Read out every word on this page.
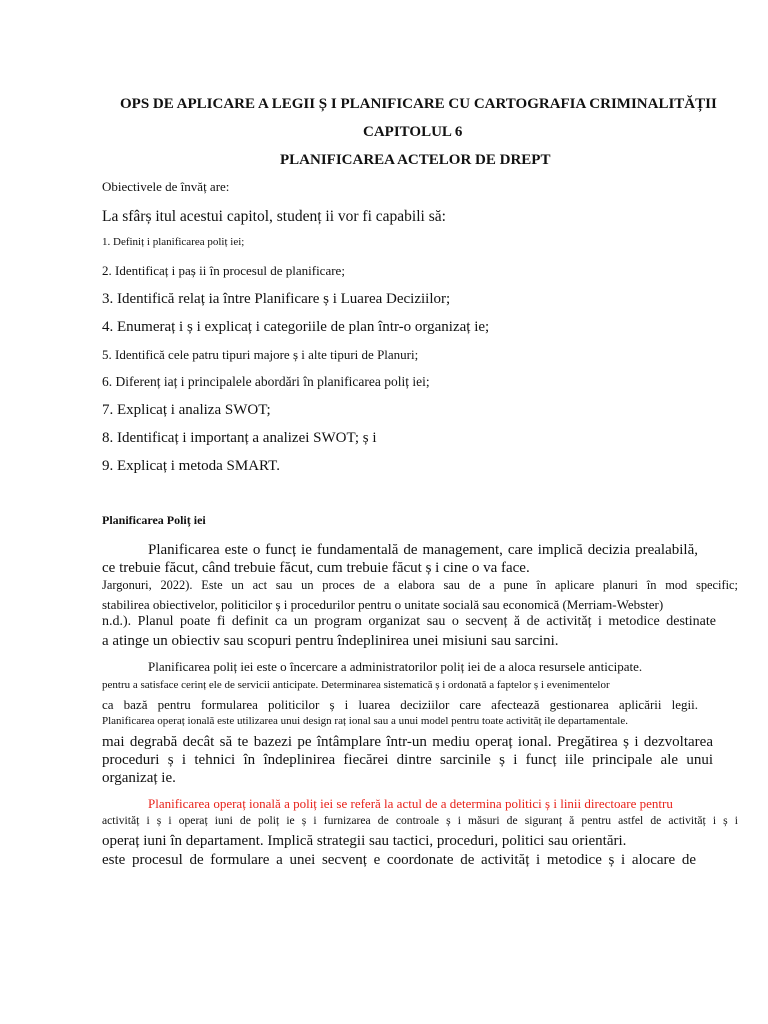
OPS DE APLICARE A LEGII Ș I PLANIFICARE CU CARTOGRAFIA CRIMINALITĂȚII
CAPITOLUL 6
PLANIFICAREA ACTELOR DE DREPT
Obiectivele de învăț are:
La sfârș itul acestui capitol, studenț ii vor fi capabili să:
1. Definiț i planificarea poliț iei;
2. Identificaț i paș ii în procesul de planificare;
3. Identifică relaț ia între Planificare ș i Luarea Deciziilor;
4. Enumeraț i ș i explicaț i categoriile de plan într-o organizaț ie;
5. Identifică cele patru tipuri majore ș i alte tipuri de Planuri;
6. Diferenț iaț i principalele abordări în planificarea poliț iei;
7. Explicaț i analiza SWOT;
8. Identificaț i importanț a analizei SWOT; ș i
9. Explicaț i metoda SMART.
Planificarea Poliț iei
Planificarea este o funcț ie fundamentală de management, care implică decizia prealabilă,
ce trebuie făcut, când trebuie făcut, cum trebuie făcut ș i cine o va face.
Jargonuri, 2022). Este un act sau un proces de a elabora sau de a pune în aplicare planuri în mod specific;
stabilirea obiectivelor, politicilor ș i procedurilor pentru o unitate socială sau economică (Merriam-Webster)
n.d.). Planul poate fi definit ca un program organizat sau o secvenț ă de activităț i metodice destinate
a atinge un obiectiv sau scopuri pentru îndeplinirea unei misiuni sau sarcini.
Planificarea poliț iei este o încercare a administratorilor poliț iei de a aloca resursele anticipate.
pentru a satisface cerinț ele de servicii anticipate. Determinarea sistematică ș i ordonată a faptelor ș i evenimentelor
ca bază pentru formularea politicilor ș i luarea deciziilor care afectează gestionarea aplicării legii.
Planificarea operaț ională este utilizarea unui design raț ional sau a unui model pentru toate activităț ile departamentale.
mai degrabă decât să te bazezi pe întâmplare într-un mediu operaț ional. Pregătirea ș i dezvoltarea
proceduri ș i tehnici în îndeplinirea fiecărei dintre sarcinile ș i funcț iile principale ale unui
organizaț ie.
Planificarea operaț ională a poliț iei se referă la actul de a determina politici ș i linii directoare pentru
activităț i ș i operaț iuni de poliț ie ș i furnizarea de controale ș i măsuri de siguranț ă pentru astfel de activităț i ș i
operaț iuni în departament. Implică strategii sau tactici, proceduri, politici sau orientări.
este procesul de formulare a unei secvenț e coordonate de activităț i metodice ș i alocare de
